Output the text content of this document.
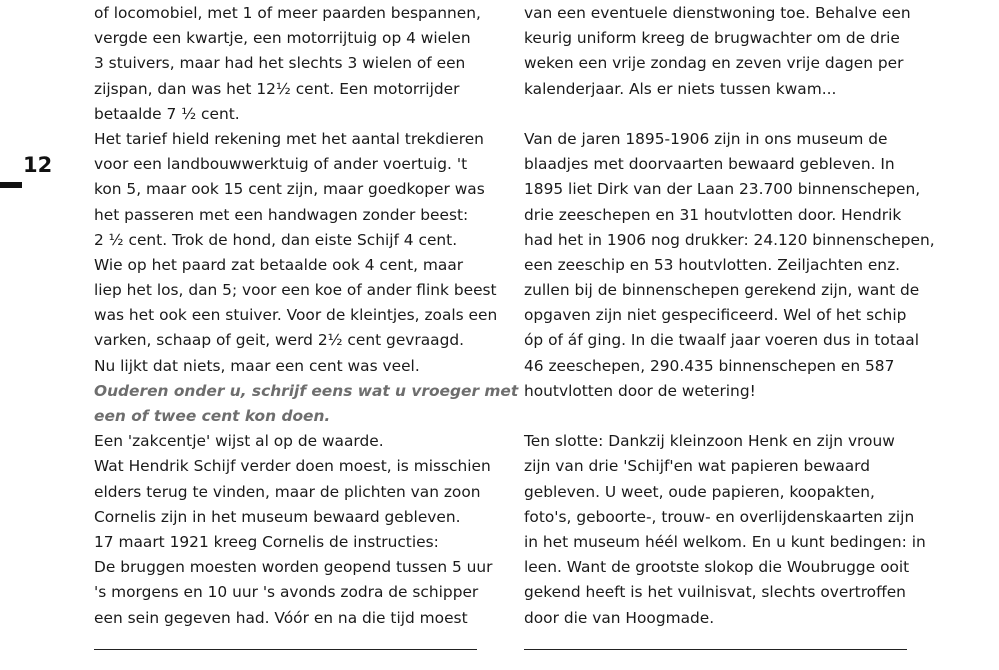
12
of locomobiel, met 1 of meer paarden bespannen,
vergde een kwartje, een motorrijtuig op 4 wielen
3 stuivers, maar had het slechts 3 wielen of een
zijspan, dan was het 12½ cent. Een motorrijder
betaalde 7 ½ cent.
Het tarief hield rekening met het aantal trekdieren
voor een landbouwwerktuig of ander voertuig. 't
kon 5, maar ook 15 cent zijn, maar goedkoper was
het passeren met een handwagen zonder beest:
2 ½ cent. Trok de hond, dan eiste Schijf 4 cent.
Wie op het paard zat betaalde ook 4 cent, maar
liep het los, dan 5; voor een koe of ander flink beest
was het ook een stuiver. Voor de kleintjes, zoals een
varken, schaap of geit, werd 2½ cent gevraagd.
Nu lijkt dat niets, maar een cent was veel.
Ouderen onder u, schrijf eens wat u vroeger met
een of twee cent kon doen.
Een 'zakcentje' wijst al op de waarde.
Wat Hendrik Schijf verder doen moest, is misschien
elders terug te vinden, maar de plichten van zoon
Cornelis zijn in het museum bewaard gebleven.
17 maart 1921 kreeg Cornelis de instructies:
De bruggen moesten worden geopend tussen 5 uur
's morgens en 10 uur 's avonds zodra de schipper
een sein gegeven had. Vóór en na die tijd moest
van een eventuele dienstwoning toe. Behalve een
keurig uniform kreeg de brugwachter om de drie
weken een vrije zondag en zeven vrije dagen per
kalenderjaar. Als er niets tussen kwam...
Van de jaren 1895-1906 zijn in ons museum de
blaadjes met doorvaarten bewaard gebleven. In
1895 liet Dirk van der Laan 23.700 binnenschepen,
drie zeeschepen en 31 houtvlotten door. Hendrik
had het in 1906 nog drukker: 24.120 binnenschepen,
een zeeschip en 53 houtvlotten. Zeiljachten enz.
zullen bij de binnenschepen gerekend zijn, want de
opgaven zijn niet gespecificeerd. Wel of het schip
óp of áf ging. In die twaalf jaar voeren dus in totaal
46 zeeschepen, 290.435 binnenschepen en 587
houtvlotten door de wetering!
Ten slotte: Dankzij kleinzoon Henk en zijn vrouw
zijn van drie 'Schijf'en wat papieren bewaard
gebleven. U weet, oude papieren, koopakten,
foto's, geboorte-, trouw- en overlijdenskaarten zijn
in het museum héél welkom. En u kunt bedingen: in
leen. Want de grootste slokop die Woubrugge ooit
gekend heeft is het vuilnisvat, slechts overtroffen
door die van Hoogmade.
